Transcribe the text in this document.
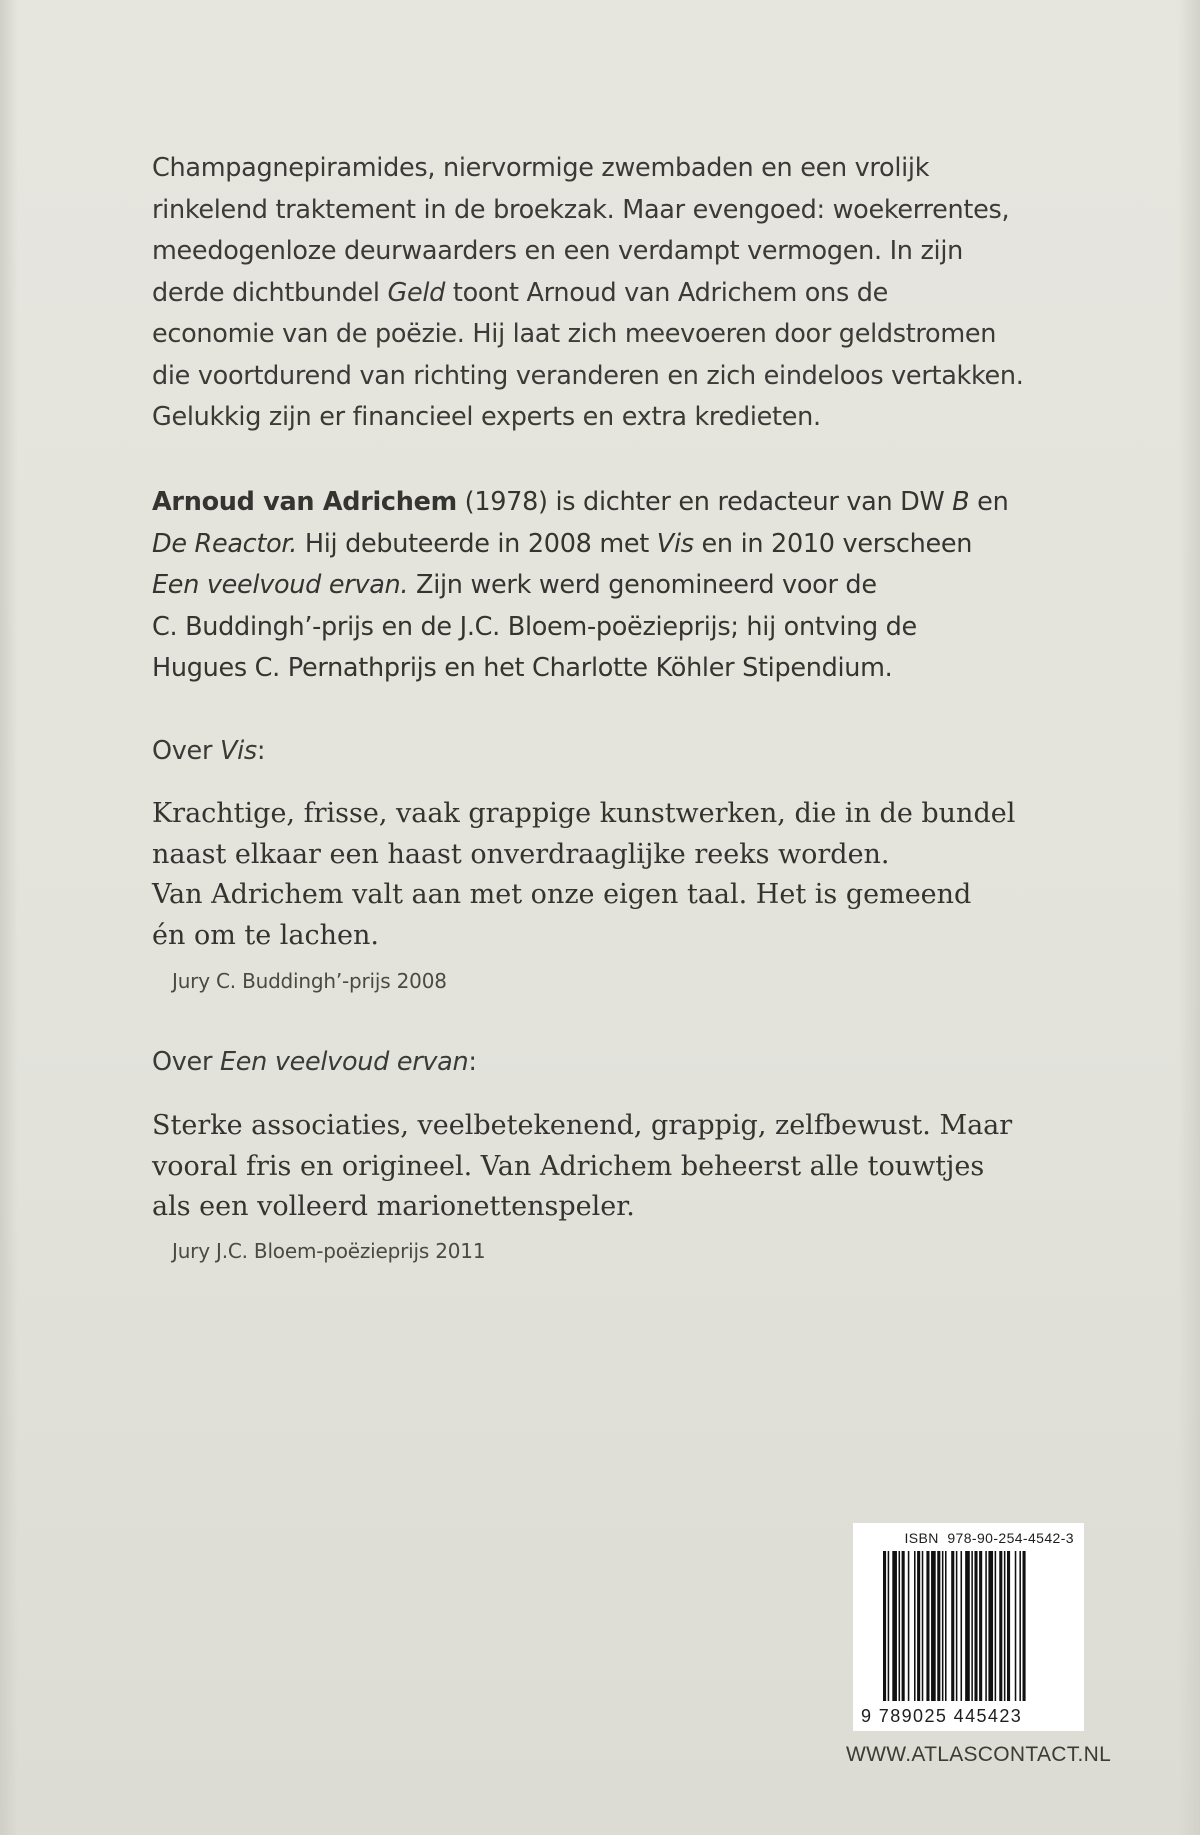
Champagnepiramides, niervormige zwembaden en een vrolijk
rinkelend traktement in de broekzak. Maar evengoed: woekerrentes,
meedogenloze deurwaarders en een verdampt vermogen. In zijn
derde dichtbundel Geld toont Arnoud van Adrichem ons de
economie van de poëzie. Hij laat zich meevoeren door geldstromen
die voortdurend van richting veranderen en zich eindeloos vertakken.
Gelukkig zijn er financieel experts en extra kredieten.
Arnoud van Adrichem (1978) is dichter en redacteur van DW B en
De Reactor. Hij debuteerde in 2008 met Vis en in 2010 verscheen
Een veelvoud ervan. Zijn werk werd genomineerd voor de
C. Buddingh’-prijs en de J.C. Bloem-poëzieprijs; hij ontving de
Hugues C. Pernathprijs en het Charlotte Köhler Stipendium.
Over Vis:
Krachtige, frisse, vaak grappige kunstwerken, die in de bundel
naast elkaar een haast onverdraaglijke reeks worden.
Van Adrichem valt aan met onze eigen taal. Het is gemeend
én om te lachen.
Jury C. Buddingh’-prijs 2008
Over Een veelvoud ervan:
Sterke associaties, veelbetekenend, grappig, zelfbewust. Maar
vooral fris en origineel. Van Adrichem beheerst alle touwtjes
als een volleerd marionettenspeler.
Jury J.C. Bloem-poëzieprijs 2011
ISBN  978-90-254-4542-3
9 789025 445423
WWW.ATLASCONTACT.NL
